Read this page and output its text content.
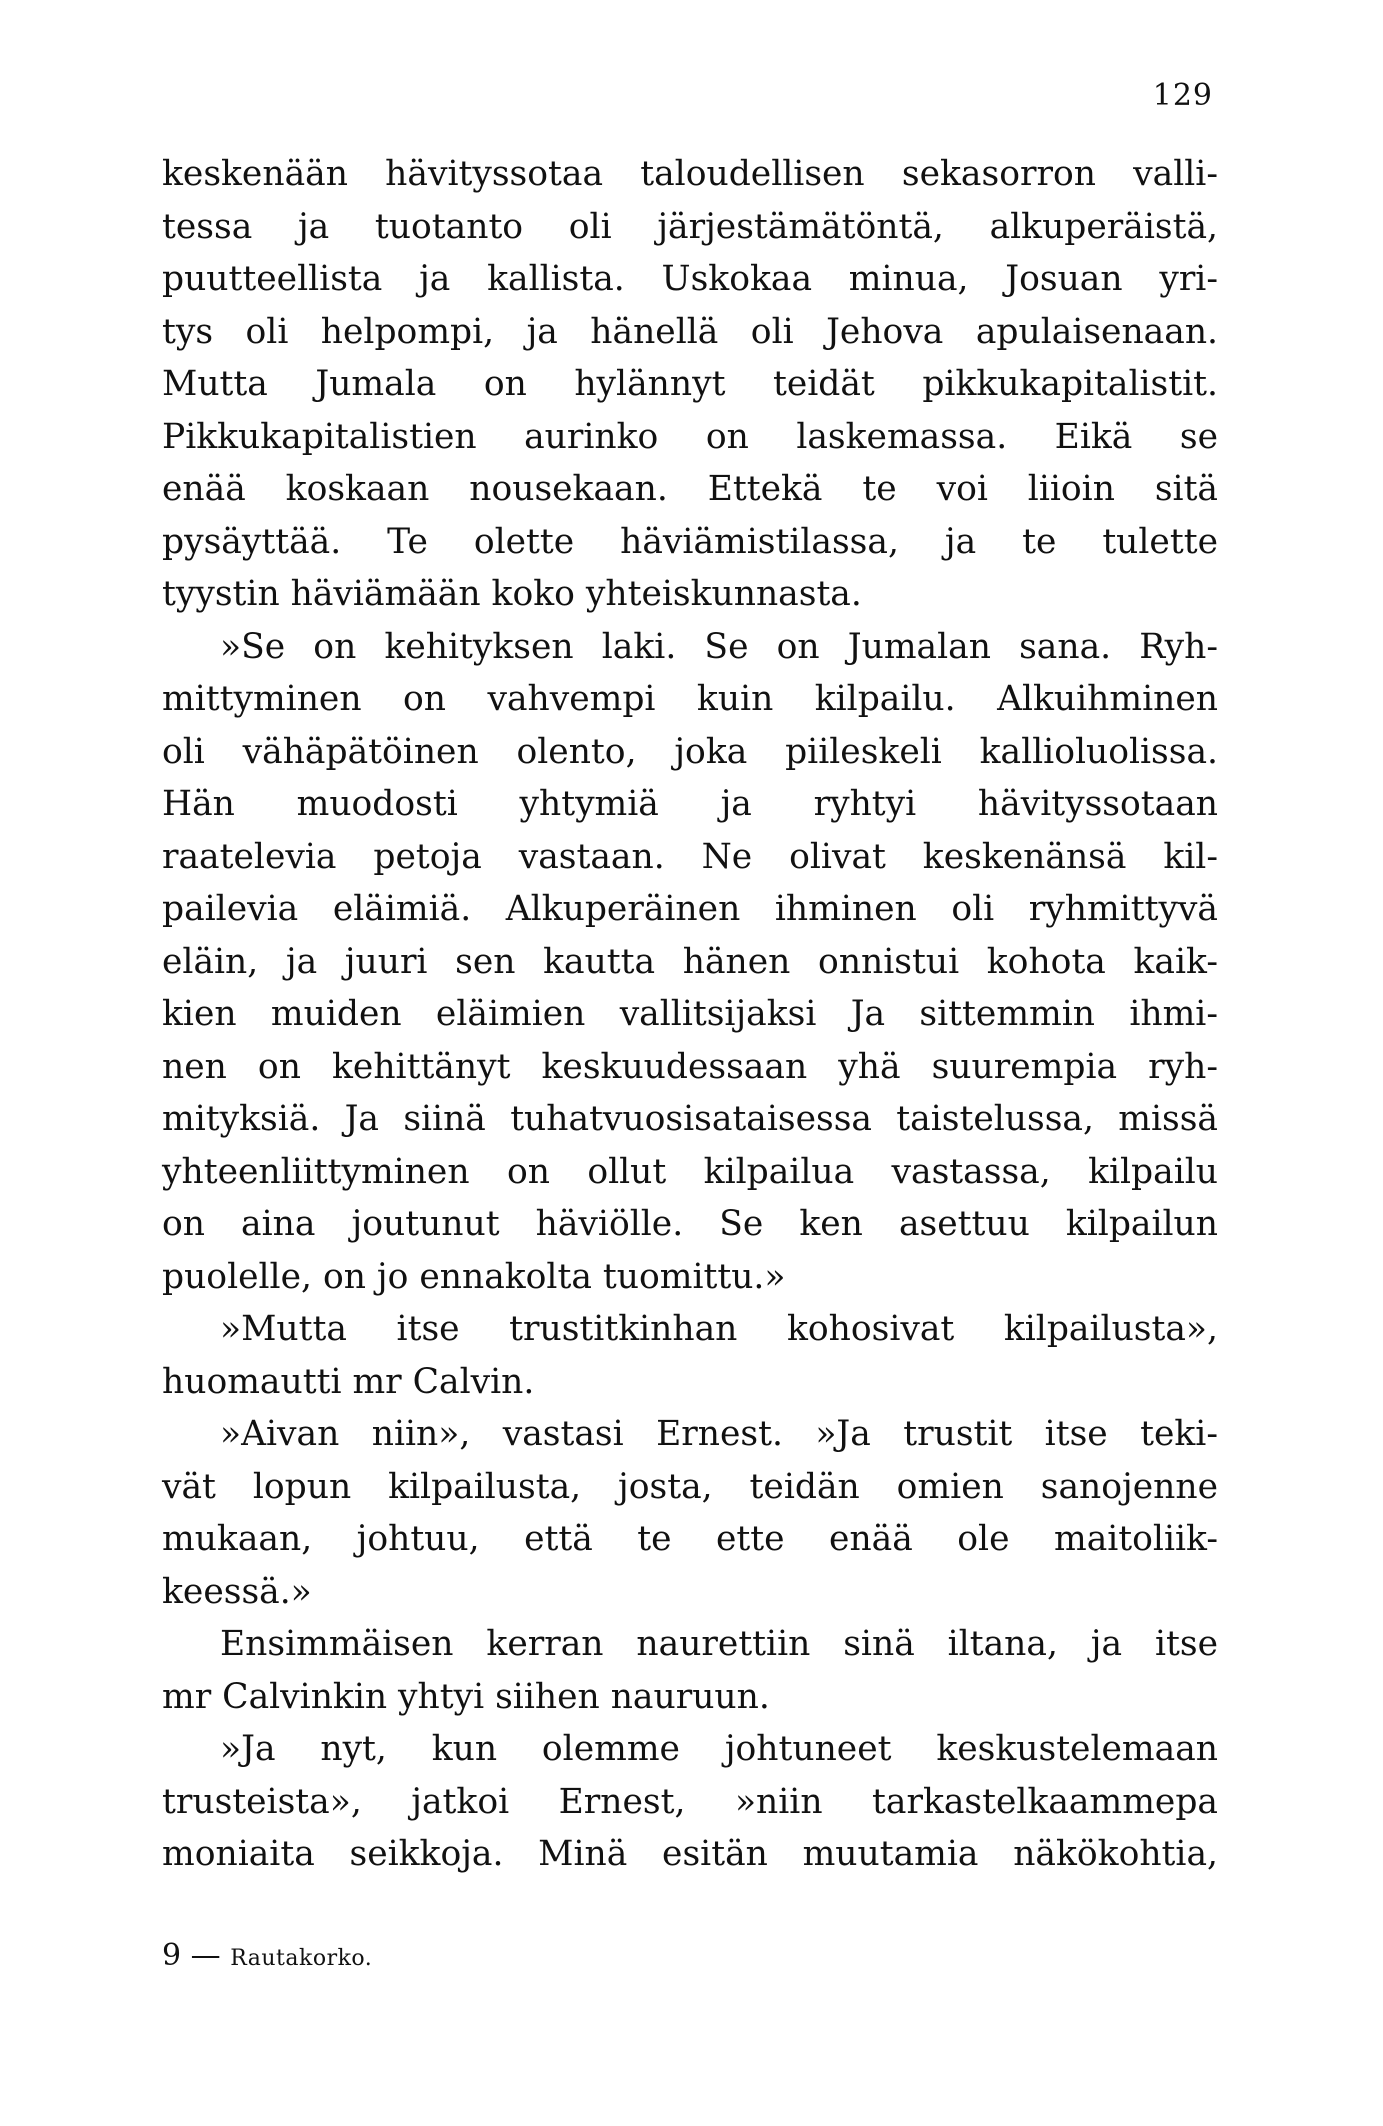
129
keskenään hävityssotaa taloudellisen sekasorron valli-
tessa ja tuotanto oli järjestämätöntä, alkuperäistä,
puutteellista ja kallista. Uskokaa minua, Josuan yri-
tys oli helpompi, ja hänellä oli Jehova apulaisenaan.
Mutta Jumala on hylännyt teidät pikkukapitalistit.
Pikkukapitalistien aurinko on laskemassa. Eikä se
enää koskaan nousekaan. Ettekä te voi liioin sitä
pysäyttää. Te olette häviämistilassa, ja te tulette
tyystin häviämään koko yhteiskunnasta.
»Se on kehityksen laki. Se on Jumalan sana. Ryh-
mittyminen on vahvempi kuin kilpailu. Alkuihminen
oli vähäpätöinen olento, joka piileskeli kallioluolissa.
Hän muodosti yhtymiä ja ryhtyi hävityssotaan
raatelevia petoja vastaan. Ne olivat keskenänsä kil-
pailevia eläimiä. Alkuperäinen ihminen oli ryhmittyvä
eläin, ja juuri sen kautta hänen onnistui kohota kaik-
kien muiden eläimien vallitsijaksi Ja sittemmin ihmi-
nen on kehittänyt keskuudessaan yhä suurempia ryh-
mityksiä. Ja siinä tuhatvuosisataisessa taistelussa, missä
yhteenliittyminen on ollut kilpailua vastassa, kilpailu
on aina joutunut häviölle. Se ken asettuu kilpailun
puolelle, on jo ennakolta tuomittu.»
»Mutta itse trustitkinhan kohosivat kilpailusta»,
huomautti mr Calvin.
»Aivan niin», vastasi Ernest. »Ja trustit itse teki-
vät lopun kilpailusta, josta, teidän omien sanojenne
mukaan, johtuu, että te ette enää ole maitoliik-
keessä.»
Ensimmäisen kerran naurettiin sinä iltana, ja itse
mr Calvinkin yhtyi siihen nauruun.
»Ja nyt, kun olemme johtuneet keskustelemaan
trusteista», jatkoi Ernest, »niin tarkastelkaammepa
moniaita seikkoja. Minä esitän muutamia näkökohtia,
9 — Rautakorko.
